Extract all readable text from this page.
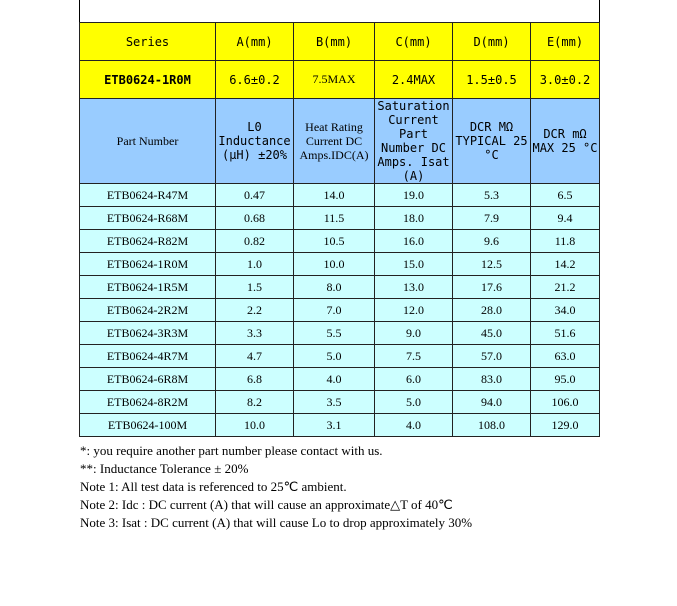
Series	A(mm)	B(mm)	C(mm)	D(mm)	E(mm)
ETB0624-1R0M	6.6±0.2	7.5MAX	2.4MAX	1.5±0.5	3.0±0.2
Part Number	L0 Inductance (μH) ±20%	Heat Rating Current DC Amps.IDC(A)	Saturation Current Part Number DC Amps. Isat (A)	DCR MΩ TYPICAL 25 °C	DCR mΩ MAX 25 °C
ETB0624-R47M	0.47	14.0	19.0	5.3	6.5
ETB0624-R68M	0.68	11.5	18.0	7.9	9.4
ETB0624-R82M	0.82	10.5	16.0	9.6	11.8
ETB0624-1R0M	1.0	10.0	15.0	12.5	14.2
ETB0624-1R5M	1.5	8.0	13.0	17.6	21.2
ETB0624-2R2M	2.2	7.0	12.0	28.0	34.0
ETB0624-3R3M	3.3	5.5	9.0	45.0	51.6
ETB0624-4R7M	4.7	5.0	7.5	57.0	63.0
ETB0624-6R8M	6.8	4.0	6.0	83.0	95.0
ETB0624-8R2M	8.2	3.5	5.0	94.0	106.0
ETB0624-100M	10.0	3.1	4.0	108.0	129.0
*: you require another part number please contact with us.
**: Inductance Tolerance ± 20%
Note 1: All test data is referenced to 25℃ ambient.
Note 2: Idc : DC current (A) that will cause an approximate△T of 40℃
Note 3: Isat : DC current (A) that will cause Lo to drop approximately 30%
